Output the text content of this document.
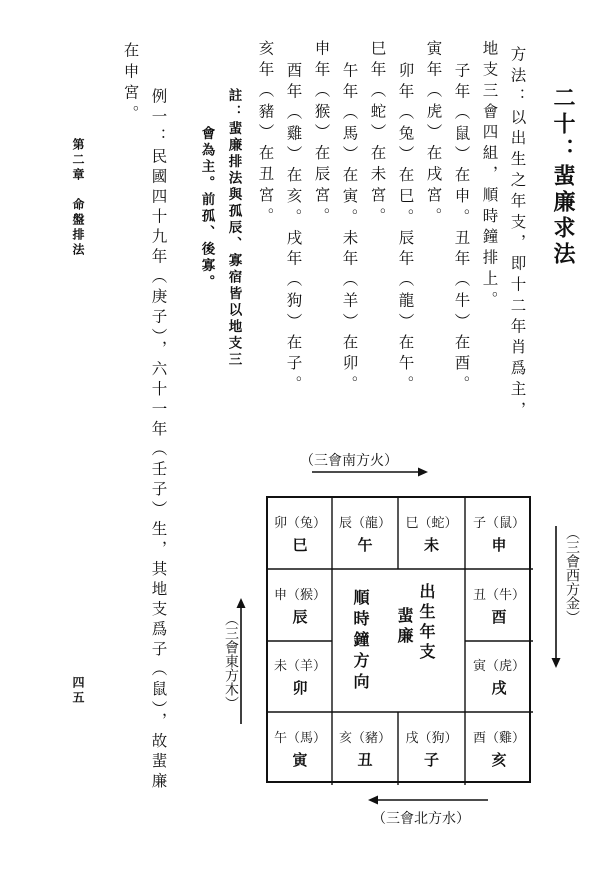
二十：蜚廉求法
方法：以出生之年支，即十二年肖爲主，
地支三會四組，順時鐘排上。
子年（鼠）在申。丑年（牛）在酉。
寅年（虎）在戌宮。
卯年（兔）在巳。辰年（龍）在午。
巳年（蛇）在未宮。
午年（馬）在寅。未年（羊）在卯。
申年（猴）在辰宮。
酉年（雞）在亥。戌年（狗）在子。
亥年（豬）在丑宮。
註：蜚廉排法與孤辰、寡宿皆以地支三
會為主。前孤、後寡。
例一：民國四十九年（庚子），六十一年（壬子）生，其地支爲子（鼠），故蜚廉
在申宮。
第二章　命盤排法
四五
（三會南方火）
（三會北方水）
（三會西方金）
（三會東方木）
卯（兔）
巳
辰（龍）
午
巳（蛇）
未
子（鼠）
申
申（猴）
辰
丑（牛）
酉
未（羊）
卯
寅（虎）
戌
午（馬）
寅
亥（豬）
丑
戌（狗）
子
酉（雞）
亥
出生年支
蜚廉
順時鐘方向
